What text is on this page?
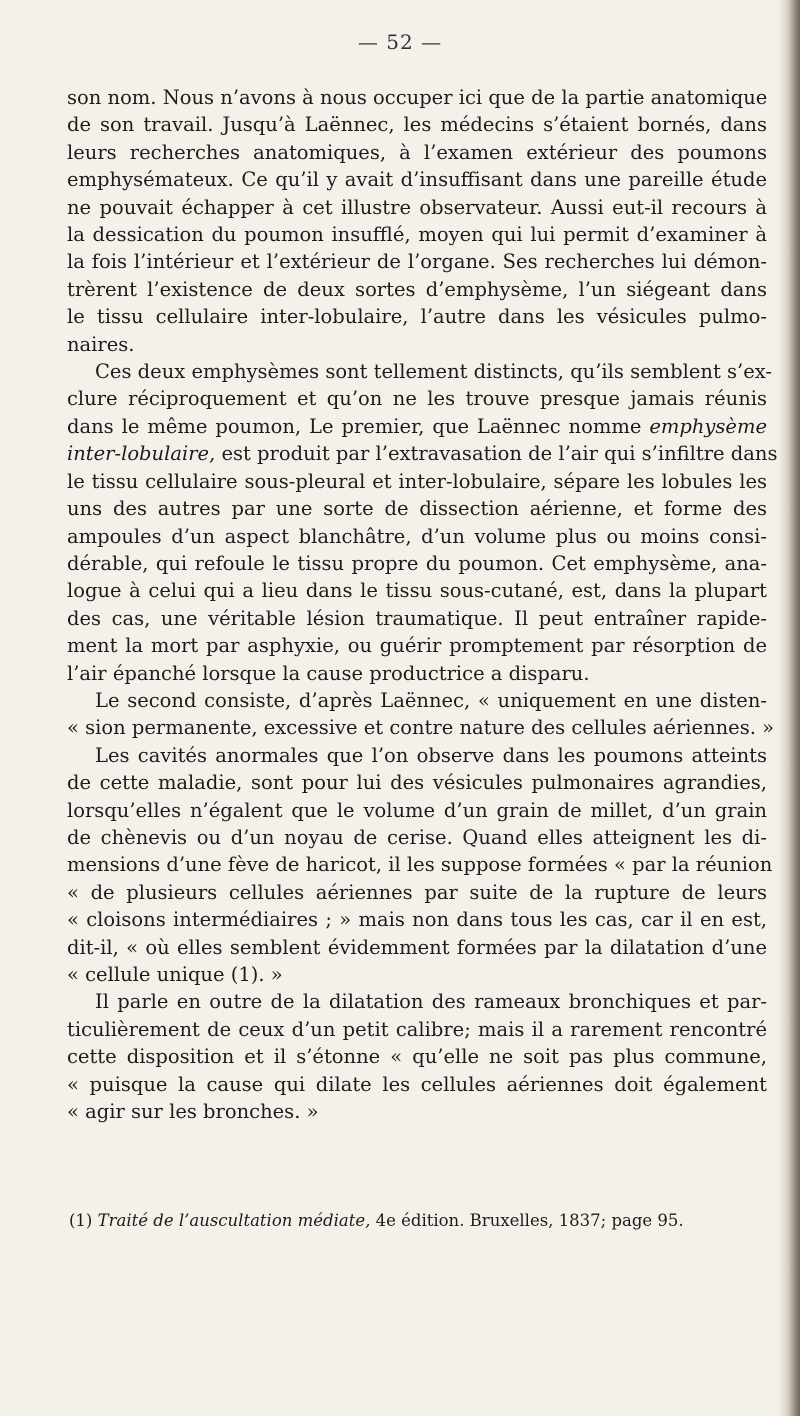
— 52 —
son nom. Nous n’avons à nous occuper ici que de la partie anatomique
de son travail. Jusqu’à Laënnec, les médecins s’étaient bornés, dans
leurs recherches anatomiques, à l’examen extérieur des poumons
emphysémateux. Ce qu’il y avait d’insuffisant dans une pareille étude
ne pouvait échapper à cet illustre observateur. Aussi eut-il recours à
la dessication du poumon insufflé, moyen qui lui permit d’examiner à
la fois l’intérieur et l’extérieur de l’organe. Ses recherches lui démon-
trèrent l’existence de deux sortes d’emphysème, l’un siégeant dans
le tissu cellulaire inter-lobulaire, l’autre dans les vésicules pulmo-
naires.
Ces deux emphysèmes sont tellement distincts, qu’ils semblent s’ex-
clure réciproquement et qu’on ne les trouve presque jamais réunis
dans le même poumon, Le premier, que Laënnec nomme emphysème
inter-lobulaire, est produit par l’extravasation de l’air qui s’infiltre dans
le tissu cellulaire sous-pleural et inter-lobulaire, sépare les lobules les
uns des autres par une sorte de dissection aérienne, et forme des
ampoules d’un aspect blanchâtre, d’un volume plus ou moins consi-
dérable, qui refoule le tissu propre du poumon. Cet emphysème, ana-
logue à celui qui a lieu dans le tissu sous-cutané, est, dans la plupart
des cas, une véritable lésion traumatique. Il peut entraîner rapide-
ment la mort par asphyxie, ou guérir promptement par résorption de
l’air épanché lorsque la cause productrice a disparu.
Le second consiste, d’après Laënnec, « uniquement en une disten-
« sion permanente, excessive et contre nature des cellules aériennes. »
Les cavités anormales que l’on observe dans les poumons atteints
de cette maladie, sont pour lui des vésicules pulmonaires agrandies,
lorsqu’elles n’égalent que le volume d’un grain de millet, d’un grain
de chènevis ou d’un noyau de cerise. Quand elles atteignent les di-
mensions d’une fève de haricot, il les suppose formées « par la réunion
« de plusieurs cellules aériennes par suite de la rupture de leurs
« cloisons intermédiaires ; » mais non dans tous les cas, car il en est,
dit-il, « où elles semblent évidemment formées par la dilatation d’une
« cellule unique (1). »
Il parle en outre de la dilatation des rameaux bronchiques et par-
ticulièrement de ceux d’un petit calibre; mais il a rarement rencontré
cette disposition et il s’étonne « qu’elle ne soit pas plus commune,
« puisque la cause qui dilate les cellules aériennes doit également
« agir sur les bronches. »
(1) Traité de l’auscultation médiate, 4e édition. Bruxelles, 1837; page 95.
